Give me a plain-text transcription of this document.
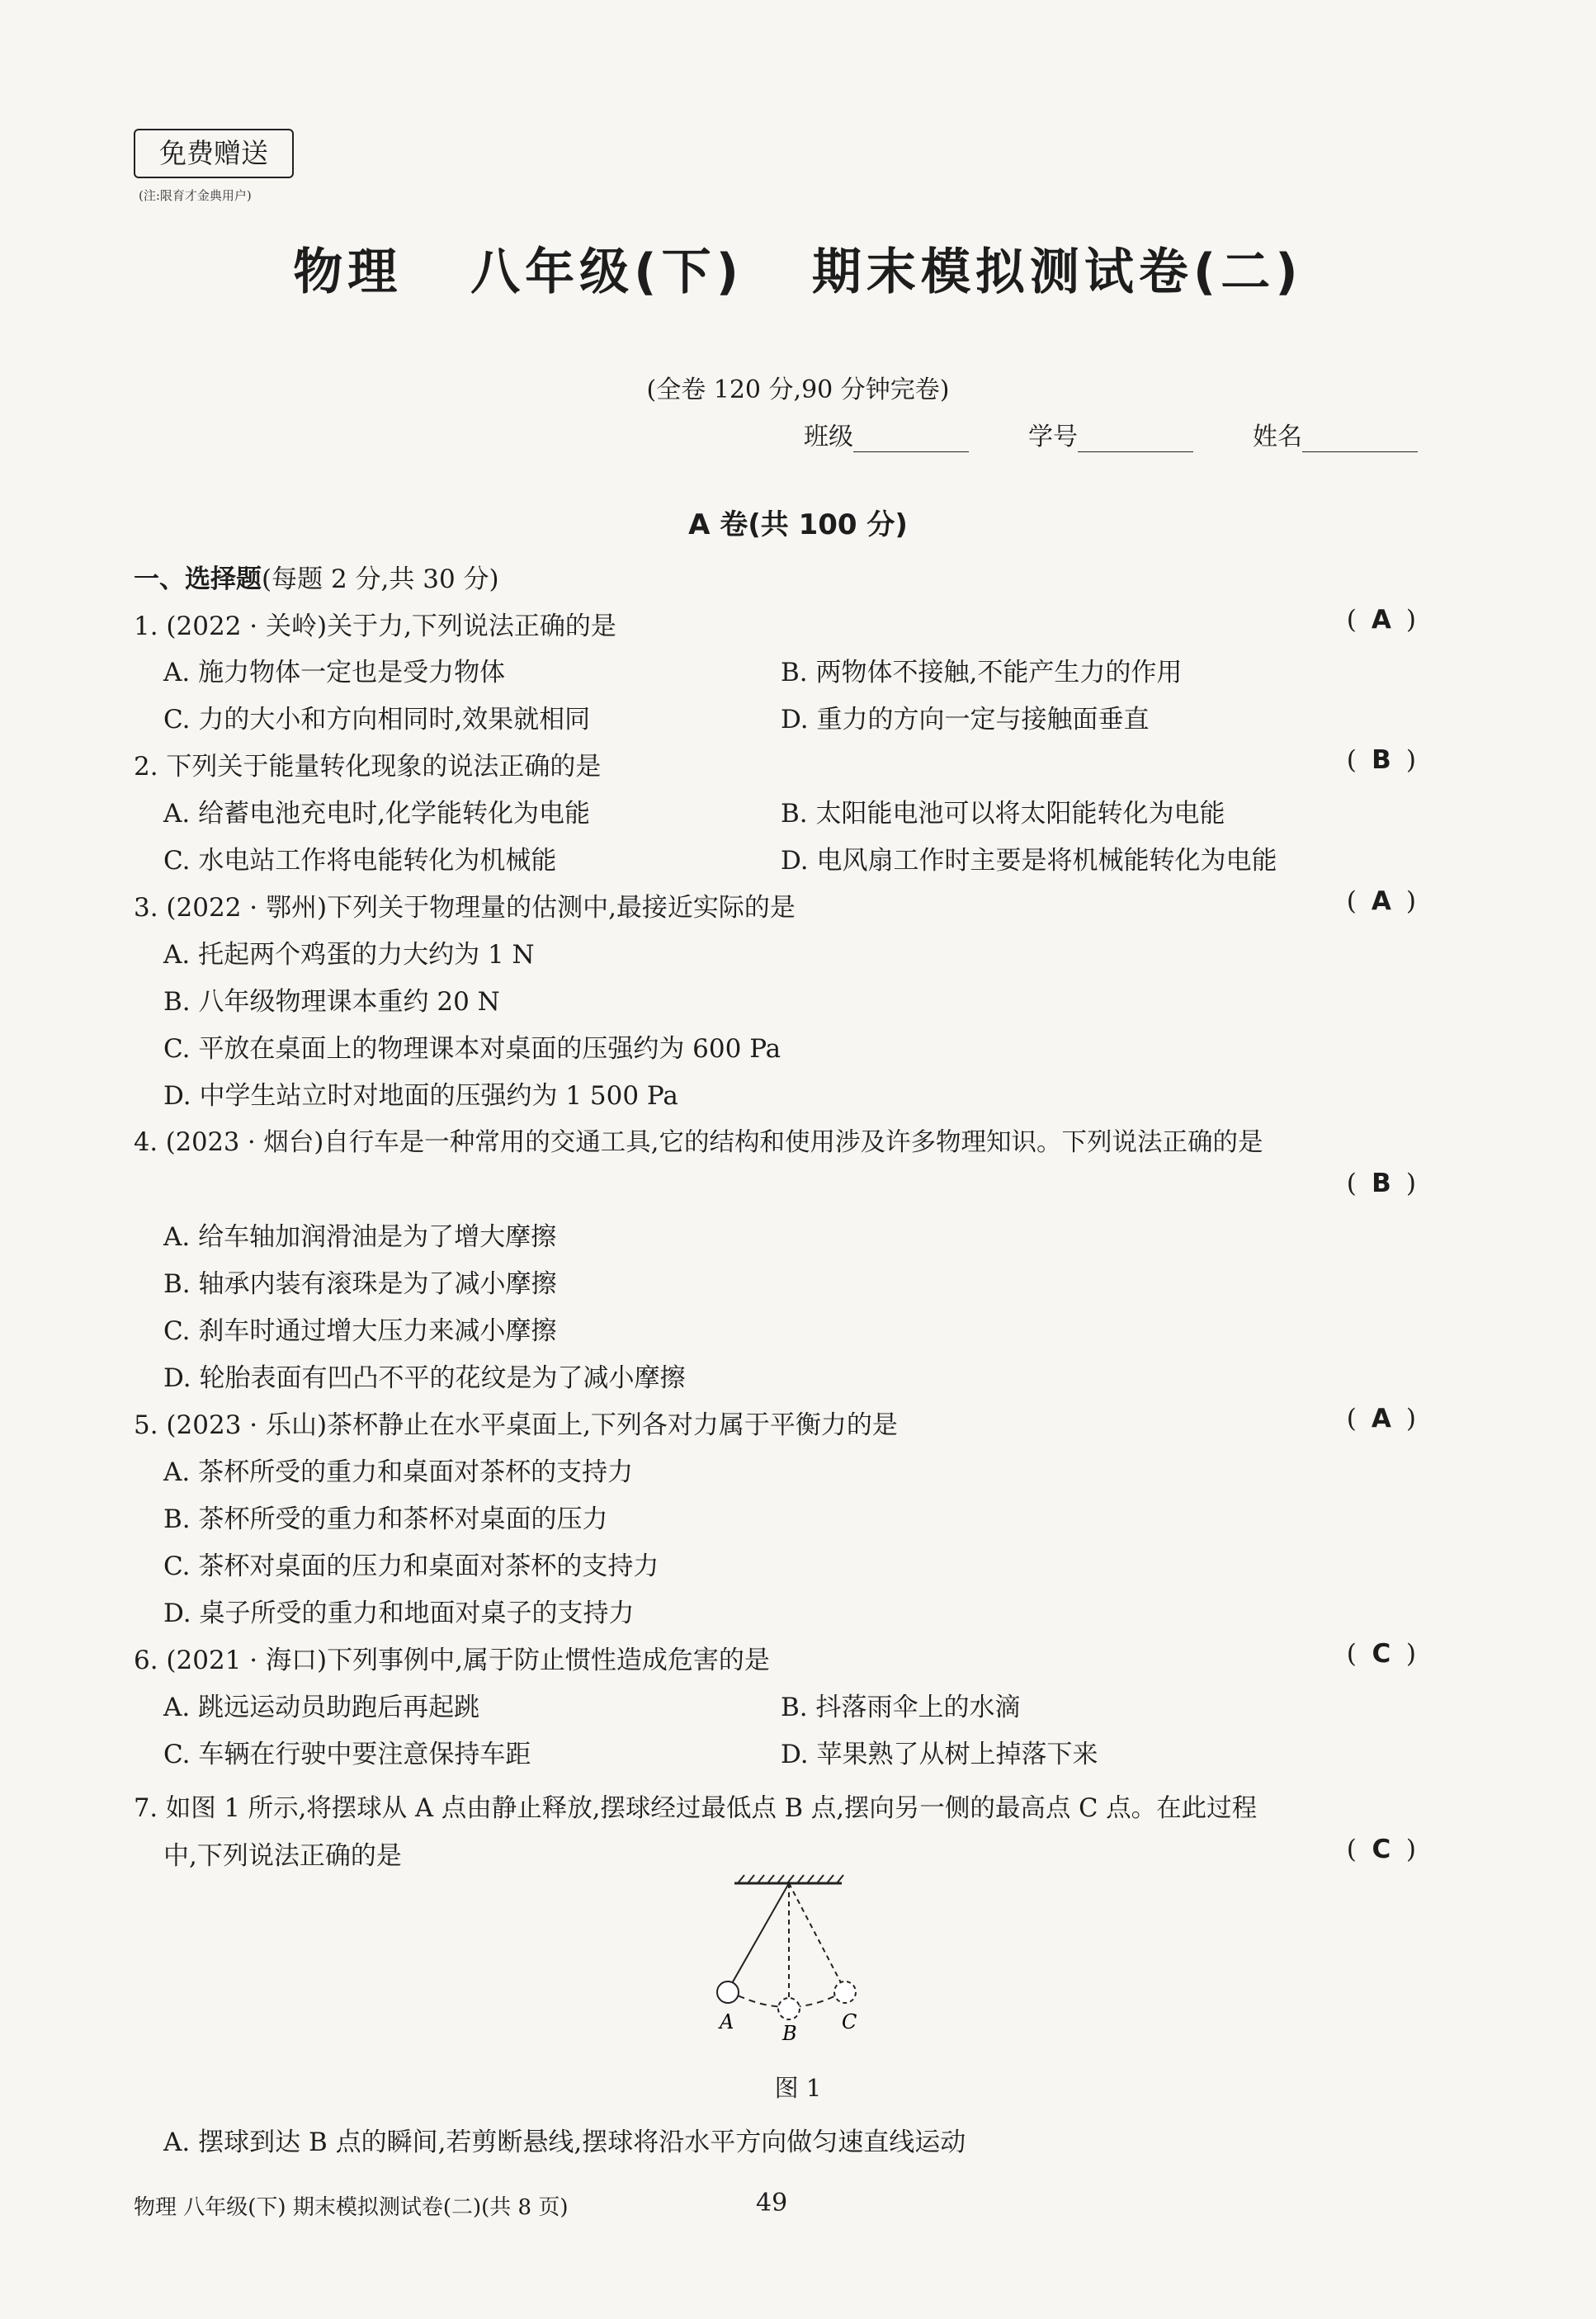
免费赠送
(注:限育才金典用户)
物理 八年级(下) 期末模拟测试卷(二)
(全卷 120 分,90 分钟完卷)
班级	学号	姓名
A 卷(共 100 分)
一、选择题(每题 2 分,共 30 分)
1. (2022 · 关岭)关于力,下列说法正确的是	( A )
A. 施力物体一定也是受力物体	B. 两物体不接触,不能产生力的作用
C. 力的大小和方向相同时,效果就相同	D. 重力的方向一定与接触面垂直
2. 下列关于能量转化现象的说法正确的是	( B )
A. 给蓄电池充电时,化学能转化为电能	B. 太阳能电池可以将太阳能转化为电能
C. 水电站工作将电能转化为机械能	D. 电风扇工作时主要是将机械能转化为电能
3. (2022 · 鄂州)下列关于物理量的估测中,最接近实际的是	( A )
A. 托起两个鸡蛋的力大约为 1 N
B. 八年级物理课本重约 20 N
C. 平放在桌面上的物理课本对桌面的压强约为 600 Pa
D. 中学生站立时对地面的压强约为 1 500 Pa
4. (2023 · 烟台)自行车是一种常用的交通工具,它的结构和使用涉及许多物理知识。下列说法正确的是
( B )
A. 给车轴加润滑油是为了增大摩擦
B. 轴承内装有滚珠是为了减小摩擦
C. 刹车时通过增大压力来减小摩擦
D. 轮胎表面有凹凸不平的花纹是为了减小摩擦
5. (2023 · 乐山)茶杯静止在水平桌面上,下列各对力属于平衡力的是	( A )
A. 茶杯所受的重力和桌面对茶杯的支持力
B. 茶杯所受的重力和茶杯对桌面的压力
C. 茶杯对桌面的压力和桌面对茶杯的支持力
D. 桌子所受的重力和地面对桌子的支持力
6. (2021 · 海口)下列事例中,属于防止惯性造成危害的是	( C )
A. 跳远运动员助跑后再起跳	B. 抖落雨伞上的水滴
C. 车辆在行驶中要注意保持车距	D. 苹果熟了从树上掉落下来
7. 如图 1 所示,将摆球从 A 点由静止释放,摆球经过最低点 B 点,摆向另一侧的最高点 C 点。在此过程
中,下列说法正确的是	( C )
A B C
图 1
A. 摆球到达 B 点的瞬间,若剪断悬线,摆球将沿水平方向做匀速直线运动
物理 八年级(下) 期末模拟测试卷(二)(共 8 页)	49
